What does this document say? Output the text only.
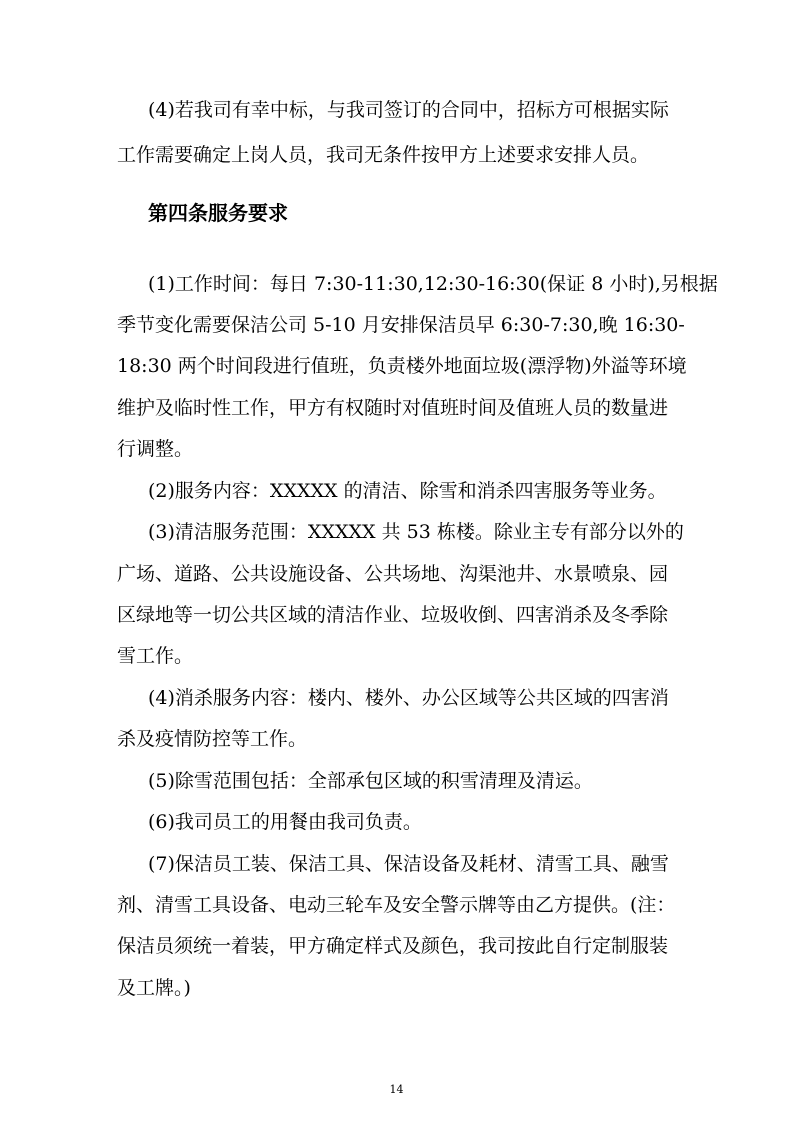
(4)若我司有幸中标，与我司签订的合同中，招标方可根据实际

工作需要确定上岗人员，我司无条件按甲方上述要求安排人员。

第四条服务要求

(1)工作时间：每日 7:30-11:30,12:30-16:30(保证 8 小时),另根据

季节变化需要保洁公司 5-10 月安排保洁员早 6:30-7:30,晚 16:30-

18:30 两个时间段进行值班，负责楼外地面垃圾(漂浮物)外溢等环境

维护及临时性工作，甲方有权随时对值班时间及值班人员的数量进

行调整。

(2)服务内容：XXXXX 的清洁、除雪和消杀四害服务等业务。

(3)清洁服务范围：XXXXX 共 53 栋楼。除业主专有部分以外的

广场、道路、公共设施设备、公共场地、沟渠池井、水景喷泉、园

区绿地等一切公共区域的清洁作业、垃圾收倒、四害消杀及冬季除

雪工作。

(4)消杀服务内容：楼内、楼外、办公区域等公共区域的四害消

杀及疫情防控等工作。

(5)除雪范围包括：全部承包区域的积雪清理及清运。

(6)我司员工的用餐由我司负责。

(7)保洁员工装、保洁工具、保洁设备及耗材、清雪工具、融雪

剂、清雪工具设备、电动三轮车及安全警示牌等由乙方提供。(注：

保洁员须统一着装，甲方确定样式及颜色，我司按此自行定制服装

及工牌。)

14
